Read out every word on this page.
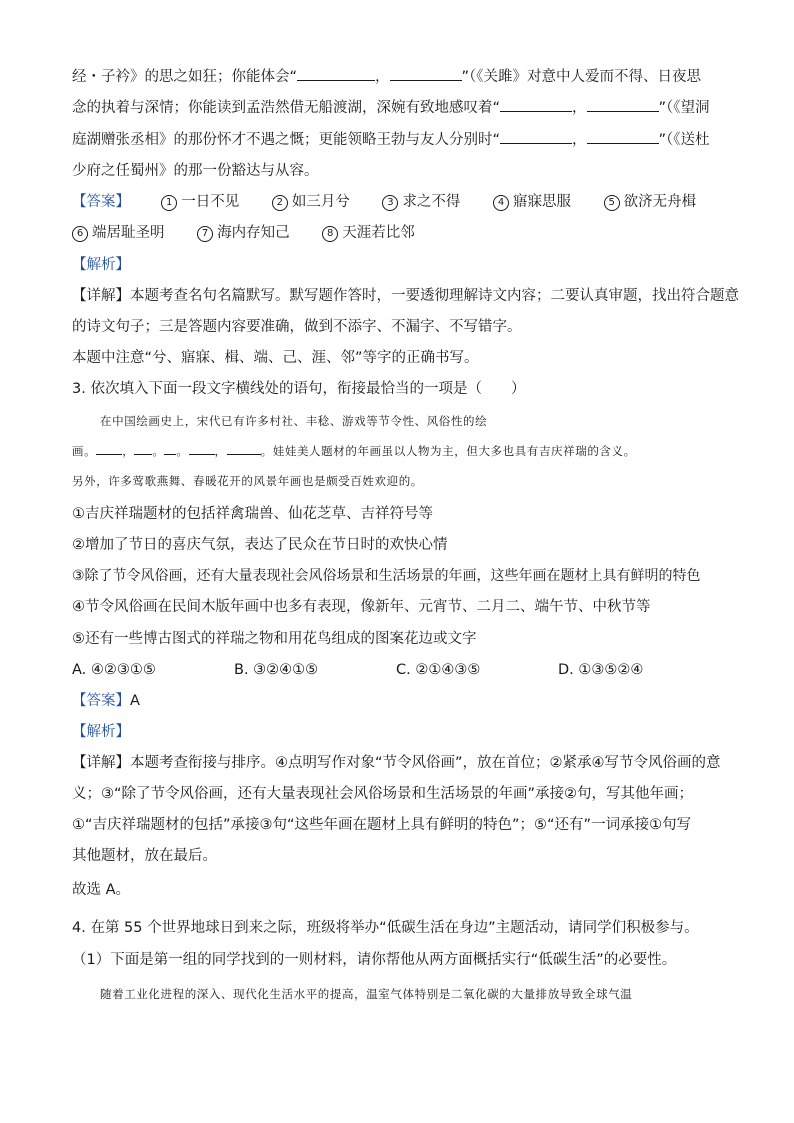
经・子衿》的思之如狂；你能体会“	，	”（《关雎》对意中人爱而不得、日夜思
念的执着与深情；你能读到孟浩然借无船渡湖，深婉有致地感叹着“	，	”（《望洞
庭湖赠张丞相》的那份怀才不遇之慨；更能领略王勃与友人分别时“	，	”（《送杜
少府之任蜀州》的那一份豁达与从容。
【答案】	1 一日不见	2 如三月兮	3 求之不得	4 寤寐思服	5 欲济无舟楫
6 端居耻圣明	7 海内存知己	8 天涯若比邻
【解析】
【详解】本题考查名句名篇默写。默写题作答时，一要透彻理解诗文内容；二要认真审题，找出符合题意
的诗文句子；三是答题内容要准确，做到不添字、不漏字、不写错字。
本题中注意“兮、寤寐、楫、端、己、涯、邻”等字的正确书写。
3. 依次填入下面一段文字横线处的语句，衔接最恰当的一项是（　　）
在中国绘画史上，宋代已有许多村社、丰稔、游戏等节令性、风俗性的绘
画。 ， 。 。 ，	。娃娃美人题材的年画虽以人物为主，但大多也具有吉庆祥瑞的含义。
另外，许多莺歌燕舞、春暖花开的风景年画也是颇受百姓欢迎的。
①吉庆祥瑞题材的包括祥禽瑞兽、仙花芝草、吉祥符号等
②增加了节日的喜庆气氛，表达了民众在节日时的欢快心情
③除了节令风俗画，还有大量表现社会风俗场景和生活场景的年画，这些年画在题材上具有鲜明的特色
④节令风俗画在民间木版年画中也多有表现，像新年、元宵节、二月二、端午节、中秋节等
⑤还有一些博古图式的祥瑞之物和用花鸟组成的图案花边或文字
A. ④②③①⑤	B. ③②④①⑤	C. ②①④③⑤	D. ①③⑤②④
【答案】A
【解析】
【详解】本题考查衔接与排序。④点明写作对象“节令风俗画”，放在首位；②紧承④写节令风俗画的意
义；③“除了节令风俗画，还有大量表现社会风俗场景和生活场景的年画”承接②句，写其他年画；
①“吉庆祥瑞题材的包括”承接③句“这些年画在题材上具有鲜明的特色”；⑤“还有”一词承接①句写
其他题材，放在最后。
故选 A。
4. 在第 55 个世界地球日到来之际，班级将举办“低碳生活在身边”主题活动，请同学们积极参与。
（1）下面是第一组的同学找到的一则材料，请你帮他从两方面概括实行“低碳生活”的必要性。
随着工业化进程的深入、现代化生活水平的提高，温室气体特别是二氧化碳的大量排放导致全球气温
